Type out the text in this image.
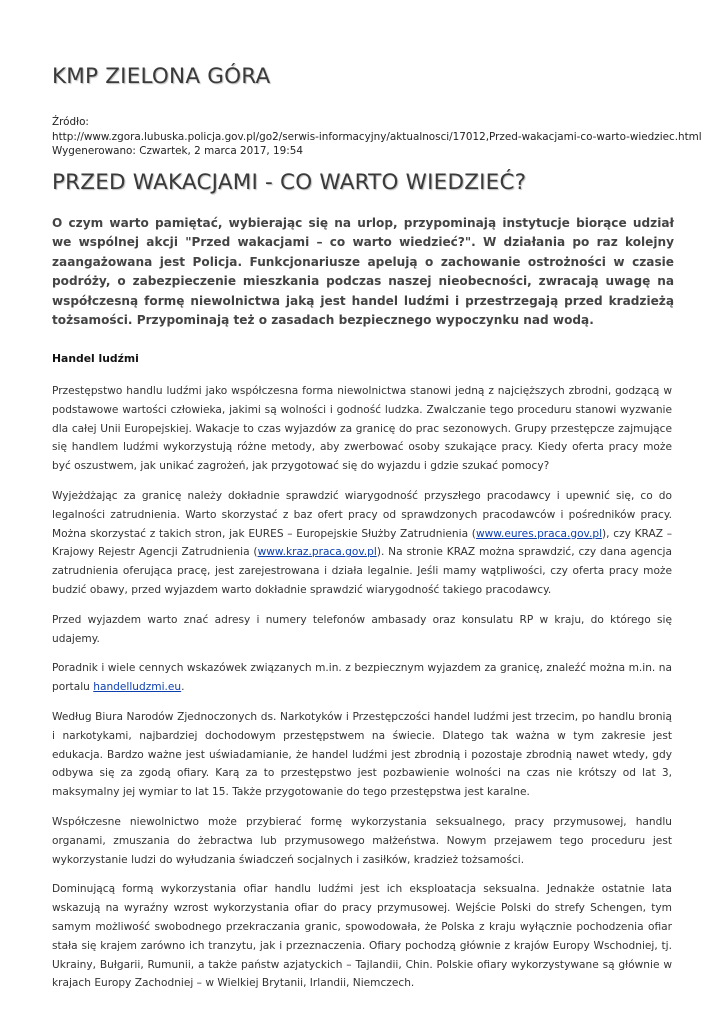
KMP ZIELONA GÓRA
Źródło:
http://www.zgora.lubuska.policja.gov.pl/go2/serwis-informacyjny/aktualnosci/17012,Przed-wakacjami-co-warto-wiedziec.html
Wygenerowano: Czwartek, 2 marca 2017, 19:54
PRZED WAKACJAMI - CO WARTO WIEDZIEĆ?

O czym warto pamiętać, wybierając się na urlop, przypominają instytucje biorące udział we wspólnej akcji "Przed wakacjami – co warto wiedzieć?". W działania po raz kolejny zaangażowana jest Policja. Funkcjonariusze apelują o zachowanie ostrożności w czasie podróży, o zabezpieczenie mieszkania podczas naszej nieobecności, zwracają uwagę na współczesną formę niewolnictwa jaką jest handel ludźmi i przestrzegają przed kradzieżą tożsamości. Przypominają też o zasadach bezpiecznego wypoczynku nad wodą.

Handel ludźmi

Przestępstwo handlu ludźmi jako współczesna forma niewolnictwa stanowi jedną z najcięższych zbrodni, godzącą w podstawowe wartości człowieka, jakimi są wolności i godność ludzka. Zwalczanie tego proceduru stanowi wyzwanie dla całej Unii Europejskiej. Wakacje to czas wyjazdów za granicę do prac sezonowych. Grupy przestępcze zajmujące się handlem ludźmi wykorzystują różne metody, aby zwerbować osoby szukające pracy. Kiedy oferta pracy może być oszustwem, jak unikać zagrożeń, jak przygotować się do wyjazdu i gdzie szukać pomocy?

Wyjeżdżając za granicę należy dokładnie sprawdzić wiarygodność przyszłego pracodawcy i upewnić się, co do legalności zatrudnienia. Warto skorzystać z baz ofert pracy od sprawdzonych pracodawców i pośredników pracy. Można skorzystać z takich stron, jak EURES – Europejskie Służby Zatrudnienia (www.eures.praca.gov.pl), czy KRAZ – Krajowy Rejestr Agencji Zatrudnienia (www.kraz.praca.gov.pl). Na stronie KRAZ można sprawdzić, czy dana agencja zatrudnienia oferująca pracę, jest zarejestrowana i działa legalnie. Jeśli mamy wątpliwości, czy oferta pracy może budzić obawy, przed wyjazdem warto dokładnie sprawdzić wiarygodność takiego pracodawcy.

Przed wyjazdem warto znać adresy i numery telefonów ambasady oraz konsulatu RP w kraju, do którego się udajemy.

Poradnik i wiele cennych wskazówek związanych m.in. z bezpiecznym wyjazdem za granicę, znaleźć można m.in. na portalu handelludzmi.eu.

Według Biura Narodów Zjednoczonych ds. Narkotyków i Przestępczości handel ludźmi jest trzecim, po handlu bronią i narkotykami, najbardziej dochodowym przestępstwem na świecie. Dlatego tak ważna w tym zakresie jest edukacja. Bardzo ważne jest uświadamianie, że handel ludźmi jest zbrodnią i pozostaje zbrodnią nawet wtedy, gdy odbywa się za zgodą ofiary. Karą za to przestępstwo jest pozbawienie wolności na czas nie krótszy od lat 3, maksymalny jej wymiar to lat 15. Także przygotowanie do tego przestępstwa jest karalne.

Współczesne niewolnictwo może przybierać formę wykorzystania seksualnego, pracy przymusowej, handlu organami, zmuszania do żebractwa lub przymusowego małżeństwa. Nowym przejawem tego proceduru jest wykorzystanie ludzi do wyłudzania świadczeń socjalnych i zasiłków, kradzież tożsamości.

Dominującą formą wykorzystania ofiar handlu ludźmi jest ich eksploatacja seksualna. Jednakże ostatnie lata wskazują na wyraźny wzrost wykorzystania ofiar do pracy przymusowej. Wejście Polski do strefy Schengen, tym samym możliwość swobodnego przekraczania granic, spowodowała, że Polska z kraju wyłącznie pochodzenia ofiar stała się krajem zarówno ich tranzytu, jak i przeznaczenia. Ofiary pochodzą głównie z krajów Europy Wschodniej, tj. Ukrainy, Bułgarii, Rumunii, a także państw azjatyckich – Tajlandii, Chin. Polskie ofiary wykorzystywane są głównie w krajach Europy Zachodniej – w Wielkiej Brytanii, Irlandii, Niemczech.
